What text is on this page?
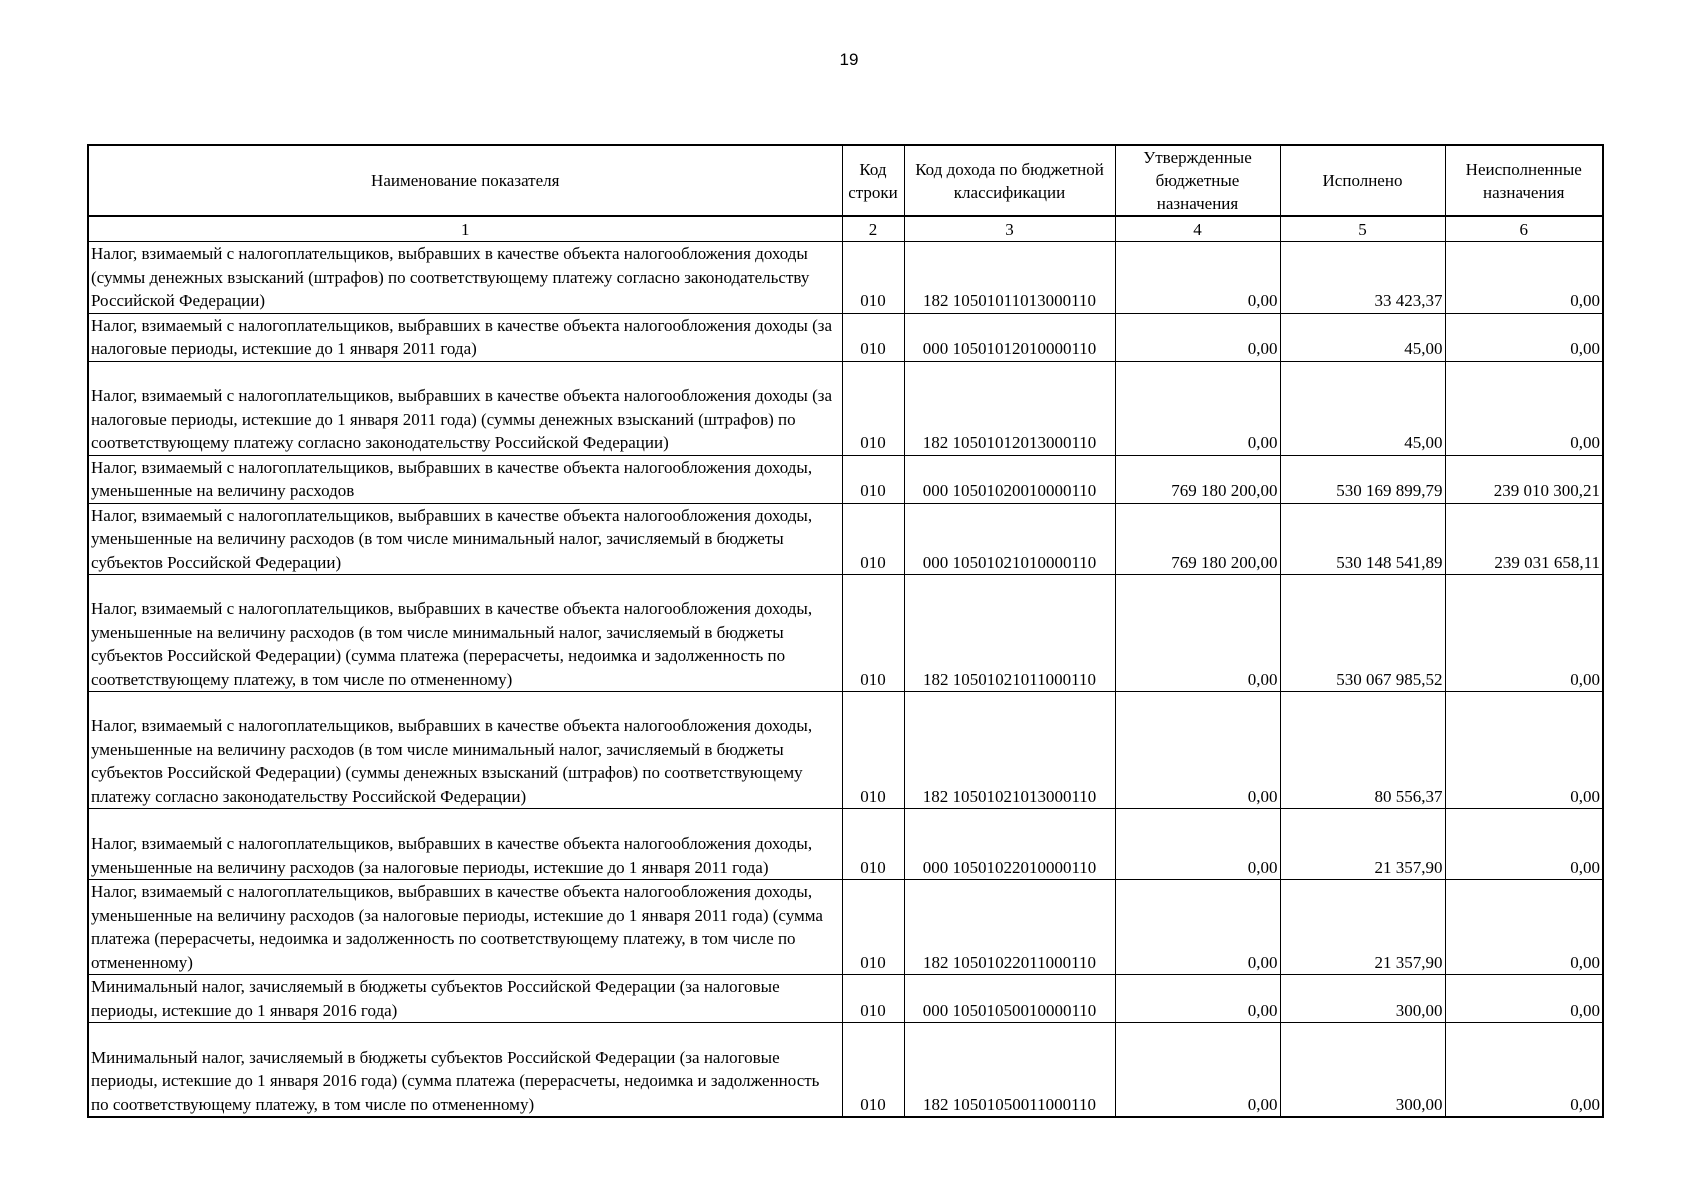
19
Наименование показателя	Код строки	Код дохода по бюджетной классификации	Утвержденные бюджетные назначения	Исполнено	Неисполненные назначения
1	2	3	4	5	6
Налог, взимаемый с налогоплательщиков, выбравших в качестве объекта налогообложения доходы (суммы денежных взысканий (штрафов) по соответствующему платежу согласно законодательству Российской Федерации)	010	182 10501011013000110	0,00	33 423,37	0,00
Налог, взимаемый с налогоплательщиков, выбравших в качестве объекта налогообложения доходы (за налоговые периоды, истекшие до 1 января 2011 года)	010	000 10501012010000110	0,00	45,00	0,00
Налог, взимаемый с налогоплательщиков, выбравших в качестве объекта налогообложения доходы (за налоговые периоды, истекшие до 1 января 2011 года) (суммы денежных взысканий (штрафов) по соответствующему платежу согласно законодательству Российской Федерации)	010	182 10501012013000110	0,00	45,00	0,00
Налог, взимаемый с налогоплательщиков, выбравших в качестве объекта налогообложения доходы, уменьшенные на величину расходов	010	000 10501020010000110	769 180 200,00	530 169 899,79	239 010 300,21
Налог, взимаемый с налогоплательщиков, выбравших в качестве объекта налогообложения доходы, уменьшенные на величину расходов (в том числе минимальный налог, зачисляемый в бюджеты субъектов Российской Федерации)	010	000 10501021010000110	769 180 200,00	530 148 541,89	239 031 658,11
Налог, взимаемый с налогоплательщиков, выбравших в качестве объекта налогообложения доходы, уменьшенные на величину расходов (в том числе минимальный налог, зачисляемый в бюджеты субъектов Российской Федерации) (сумма платежа (перерасчеты, недоимка и задолженность по соответствующему платежу, в том числе по отмененному)	010	182 10501021011000110	0,00	530 067 985,52	0,00
Налог, взимаемый с налогоплательщиков, выбравших в качестве объекта налогообложения доходы, уменьшенные на величину расходов (в том числе минимальный налог, зачисляемый в бюджеты субъектов Российской Федерации) (суммы денежных взысканий (штрафов) по соответствующему платежу согласно законодательству Российской Федерации)	010	182 10501021013000110	0,00	80 556,37	0,00
Налог, взимаемый с налогоплательщиков, выбравших в качестве объекта налогообложения доходы, уменьшенные на величину расходов (за налоговые периоды, истекшие до 1 января 2011 года)	010	000 10501022010000110	0,00	21 357,90	0,00
Налог, взимаемый с налогоплательщиков, выбравших в качестве объекта налогообложения доходы, уменьшенные на величину расходов (за налоговые периоды, истекшие до 1 января 2011 года) (сумма платежа (перерасчеты, недоимка и задолженность по соответствующему платежу, в том числе по отмененному)	010	182 10501022011000110	0,00	21 357,90	0,00
Минимальный налог, зачисляемый в бюджеты субъектов Российской Федерации (за налоговые периоды, истекшие до 1 января 2016 года)	010	000 10501050010000110	0,00	300,00	0,00
Минимальный налог, зачисляемый в бюджеты субъектов Российской Федерации (за налоговые периоды, истекшие до 1 января 2016 года) (сумма платежа (перерасчеты, недоимка и задолженность по соответствующему платежу, в том числе по отмененному)	010	182 10501050011000110	0,00	300,00	0,00
